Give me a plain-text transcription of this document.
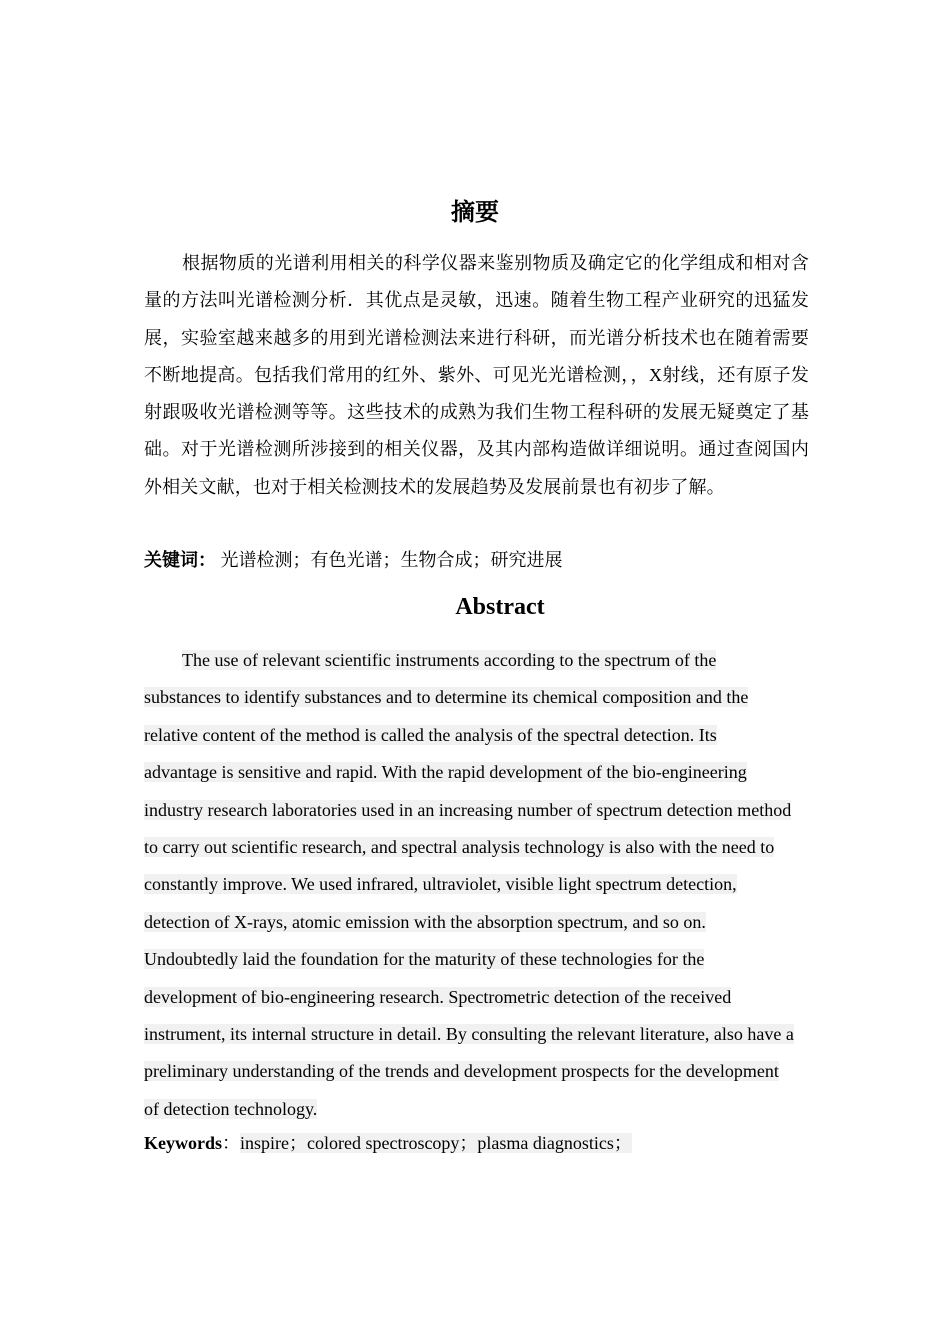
摘要

根据物质的光谱利用相关的科学仪器来鉴别物质及确定它的化学组成和相对含量的方法叫光谱检测分析．其优点是灵敏，迅速。随着生物工程产业研究的迅猛发展，实验室越来越多的用到光谱检测法来进行科研，而光谱分析技术也在随着需要不断地提高。包括我们常用的红外、紫外、可见光光谱检测，，X射线，还有原子发射跟吸收光谱检测等等。这些技术的成熟为我们生物工程科研的发展无疑奠定了基础。对于光谱检测所涉接到的相关仪器，及其内部构造做详细说明。通过查阅国内外相关文献，也对于相关检测技术的发展趋势及发展前景也有初步了解。

关键词： 光谱检测；有色光谱；生物合成；研究进展

Abstract

The use of relevant scientific instruments according to the spectrum of the substances to identify substances and to determine its chemical composition and the relative content of the method is called the analysis of the spectral detection. Its advantage is sensitive and rapid. With the rapid development of the bio-engineering industry research laboratories used in an increasing number of spectrum detection method to carry out scientific research, and spectral analysis technology is also with the need to constantly improve. We used infrared, ultraviolet, visible light spectrum detection, detection of X-rays, atomic emission with the absorption spectrum, and so on. Undoubtedly laid the foundation for the maturity of these technologies for the development of bio-engineering research. Spectrometric detection of the received instrument, its internal structure in detail. By consulting the relevant literature, also have a preliminary understanding of the trends and development prospects for the development of detection technology.

Keywords：inspire；colored spectroscopy；plasma diagnostics；
